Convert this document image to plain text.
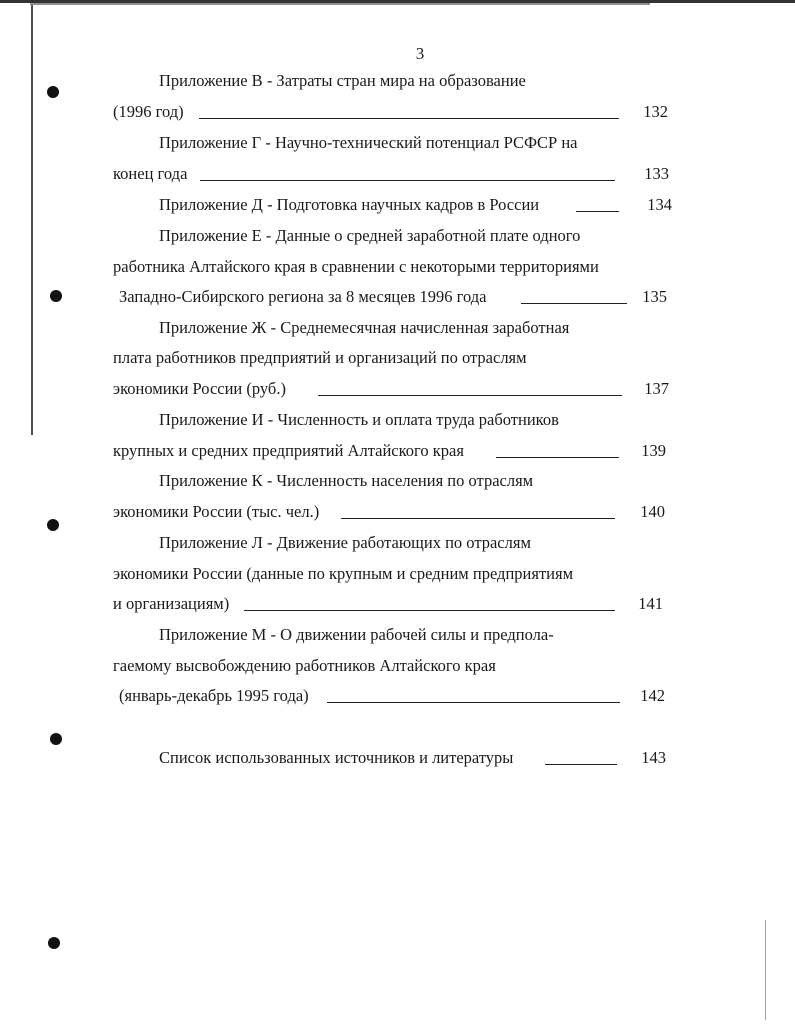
3
Приложение В - Затраты стран мира на образование
(1996 год)	132
Приложение Г - Научно-технический потенциал РСФСР на
конец года	133
Приложение Д - Подготовка научных кадров в России	134
Приложение Е - Данные о средней заработной плате одного
работника Алтайского края в сравнении с некоторыми территориями
Западно-Сибирского региона за 8 месяцев 1996 года	135
Приложение Ж - Среднемесячная начисленная заработная
плата работников предприятий и организаций по отраслям
экономики России (руб.)	137
Приложение И - Численность и оплата труда работников
крупных и средних предприятий Алтайского края	139
Приложение К - Численность населения по отраслям
экономики России (тыс. чел.)	140
Приложение Л - Движение работающих по отраслям
экономики России (данные по крупным и средним предприятиям
и организациям)	141
Приложение М - О движении рабочей силы и предпола-
гаемому высвобождению работников Алтайского края
(январь-декабрь 1995 года)	142
Список использованных источников и литературы	143
